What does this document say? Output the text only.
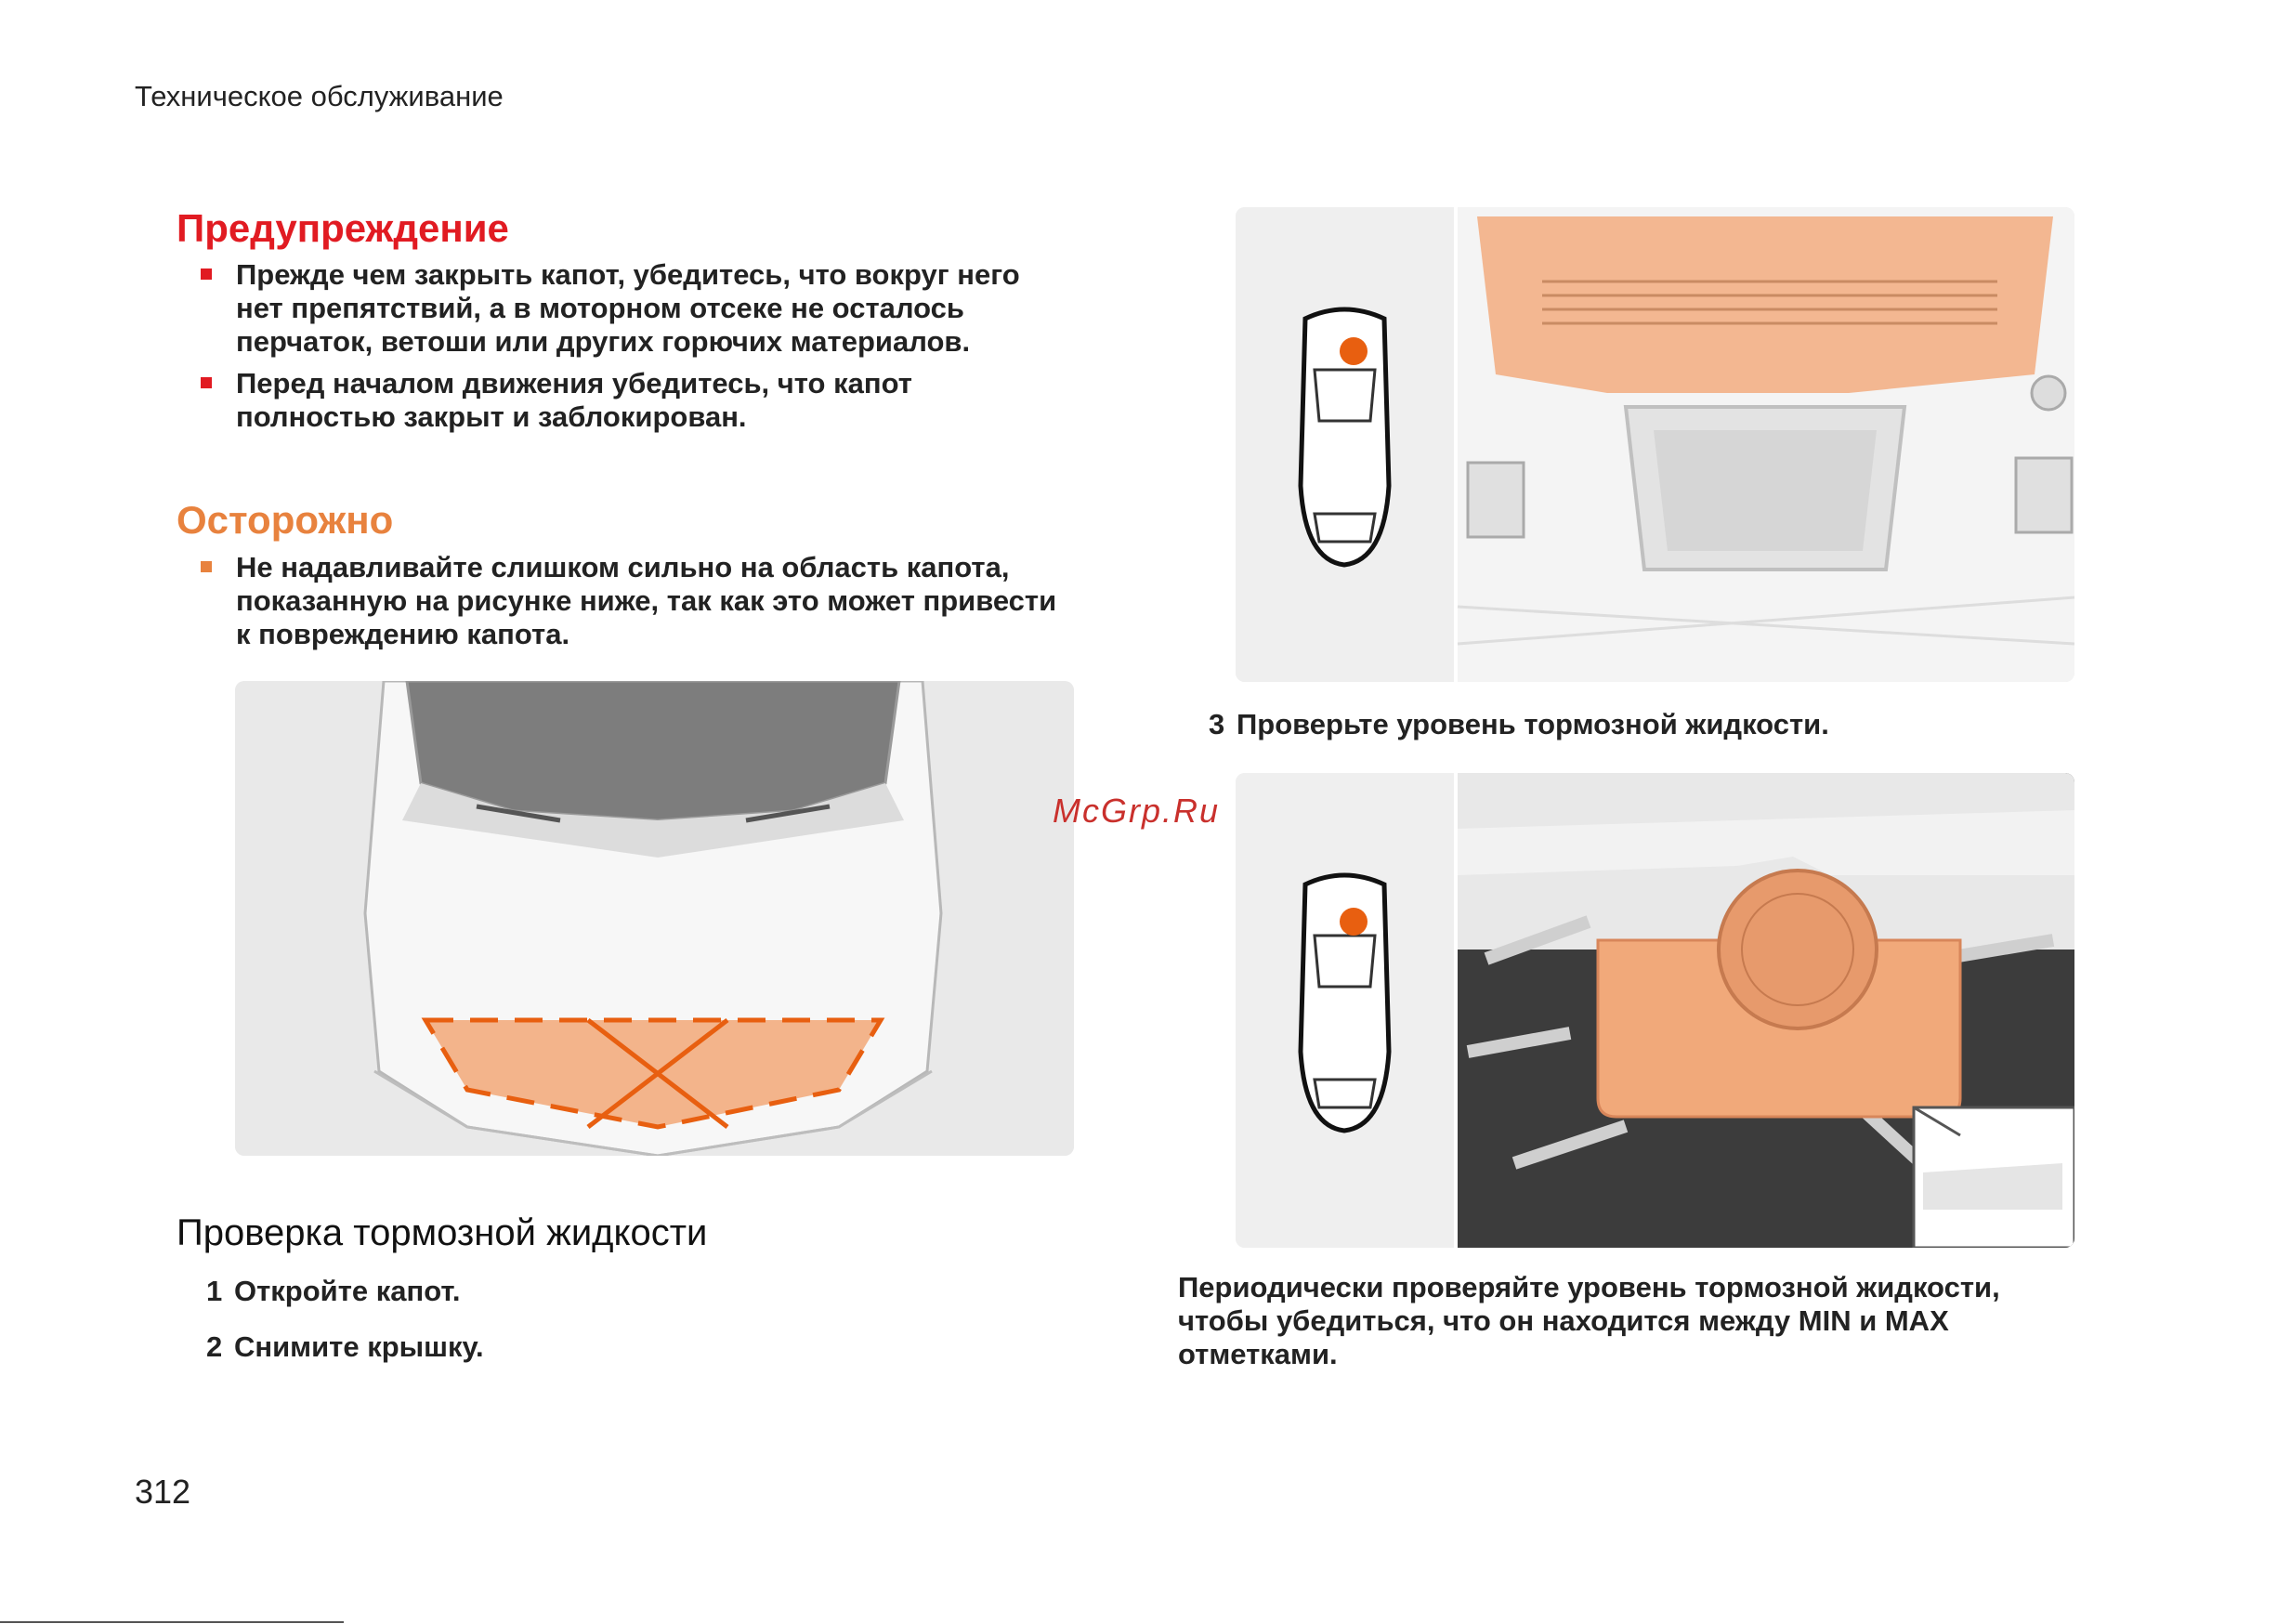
Техническое обслуживание
Предупреждение
Прежде чем закрыть капот, убедитесь, что вокруг него нет препятствий, а в моторном отсеке не осталось перчаток, ветоши или других горючих материалов.
Перед началом движения убедитесь, что капот полностью закрыт и заблокирован.
Осторожно
Не надавливайте слишком сильно на область капота, показанную на рисунке ниже, так как это может привести к повреждению капота.
Проверка тормозной жидкости
1 Откройте капот.
2 Снимите крышку.
312
3 Проверьте уровень тормозной жидкости.
Периодически проверяйте уровень тормозной жидкости, чтобы убедиться, что он находится между MIN и MAX отметками.
McGrp.Ru
